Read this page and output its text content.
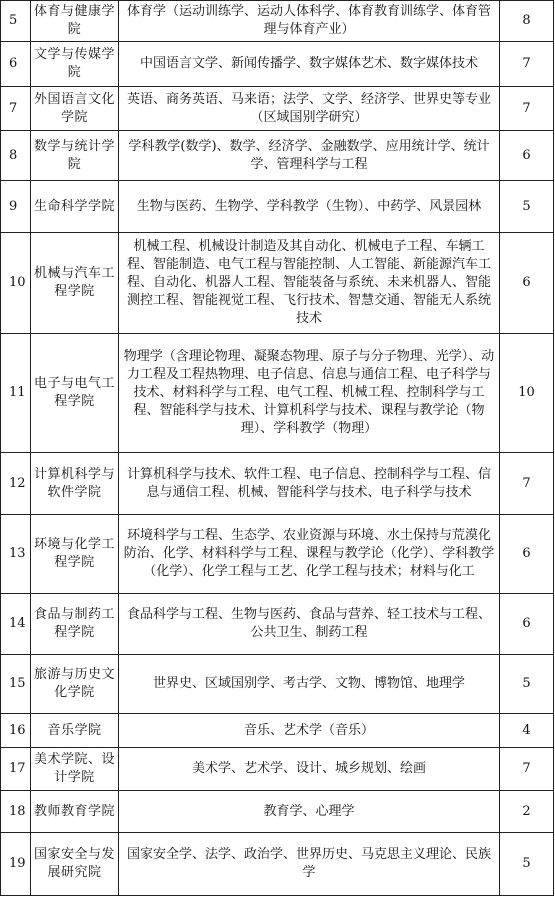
5	体育与健康学院	体育学（运动训练学、运动人体科学、体育教育训练学、体育管理与体育产业）	8
6	文学与传媒学院	中国语言文学、新闻传播学、数字媒体艺术、数字媒体技术	7
7	外国语言文化学院	英语、商务英语、马来语；法学、文学、经济学、世界史等专业（区域国别学研究）	7
8	数学与统计学院	学科教学(数学)、数学、经济学、金融数学、应用统计学、统计学、管理科学与工程	6
9	生命科学学院	生物与医药、生物学、学科教学（生物）、中药学、风景园林	5
10	机械与汽车工程学院	机械工程、机械设计制造及其自动化、机械电子工程、车辆工程、智能制造、电气工程与智能控制、人工智能、新能源汽车工程、自动化、机器人工程、智能装备与系统、未来机器人、智能测控工程、智能视觉工程、飞行技术、智慧交通、智能无人系统技术	6
11	电子与电气工程学院	物理学（含理论物理、凝聚态物理、原子与分子物理、光学）、动力工程及工程热物理、电子信息、信息与通信工程、电子科学与技术、材料科学与工程、电气工程、机械工程、控制科学与工程、智能科学与技术、计算机科学与技术、课程与教学论（物理）、学科教学（物理）	10
12	计算机科学与软件学院	计算机科学与技术、软件工程、电子信息、控制科学与工程、信息与通信工程、机械、智能科学与技术、电子科学与技术	7
13	环境与化学工程学院	环境科学与工程、生态学、农业资源与环境、水土保持与荒漠化防治、化学、材料科学与工程、课程与教学论（化学）、学科教学（化学）、化学工程与工艺、化学工程与技术；材料与化工	6
14	食品与制药工程学院	食品科学与工程、生物与医药、食品与营养、轻工技术与工程、公共卫生、制药工程	6
15	旅游与历史文化学院	世界史、区域国别学、考古学、文物、博物馆、地理学	5
16	音乐学院	音乐、艺术学（音乐）	4
17	美术学院、设计学院	美术学、艺术学、设计、城乡规划、绘画	7
18	教师教育学院	教育学、心理学	2
19	国家安全与发展研究院	国家安全学、法学、政治学、世界历史、马克思主义理论、民族学	5
